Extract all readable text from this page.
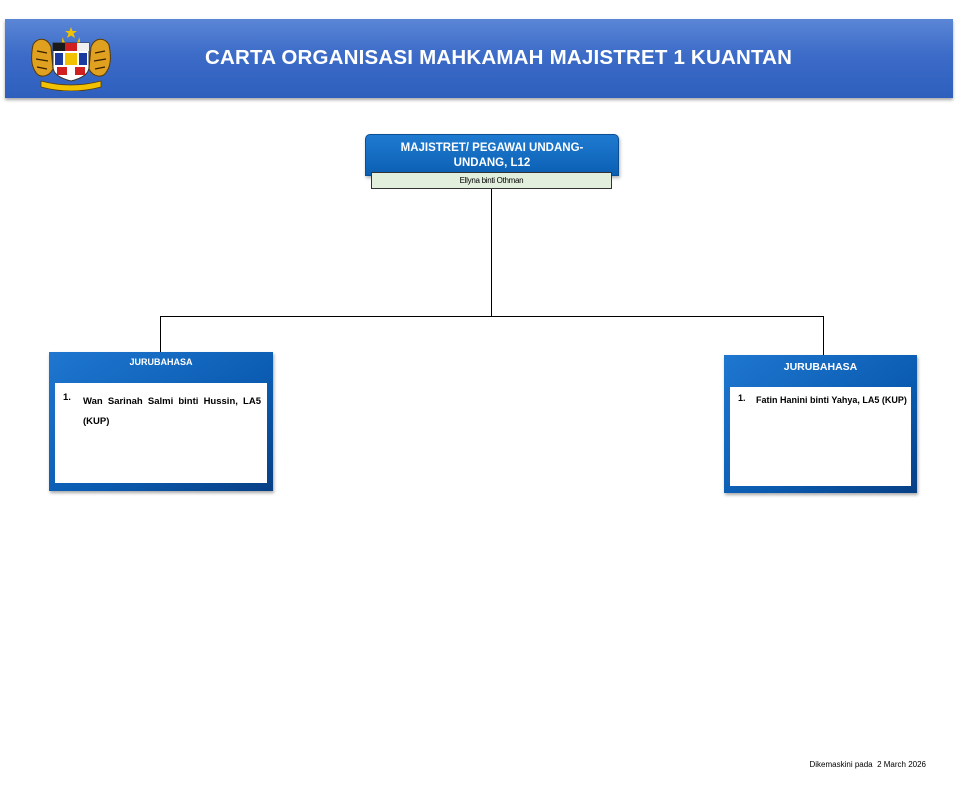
CARTA ORGANISASI MAHKAMAH MAJISTRET 1 KUANTAN
MAJISTRET/ PEGAWAI UNDANG-
UNDANG, L12
Ellyna binti Othman
JURUBAHASA
1.	Wan Sarinah Salmi binti Hussin, LA5 (KUP)
JURUBAHASA
1.	Fatin Hanini binti Yahya, LA5 (KUP)
Dikemaskini pada  2 March 2026
